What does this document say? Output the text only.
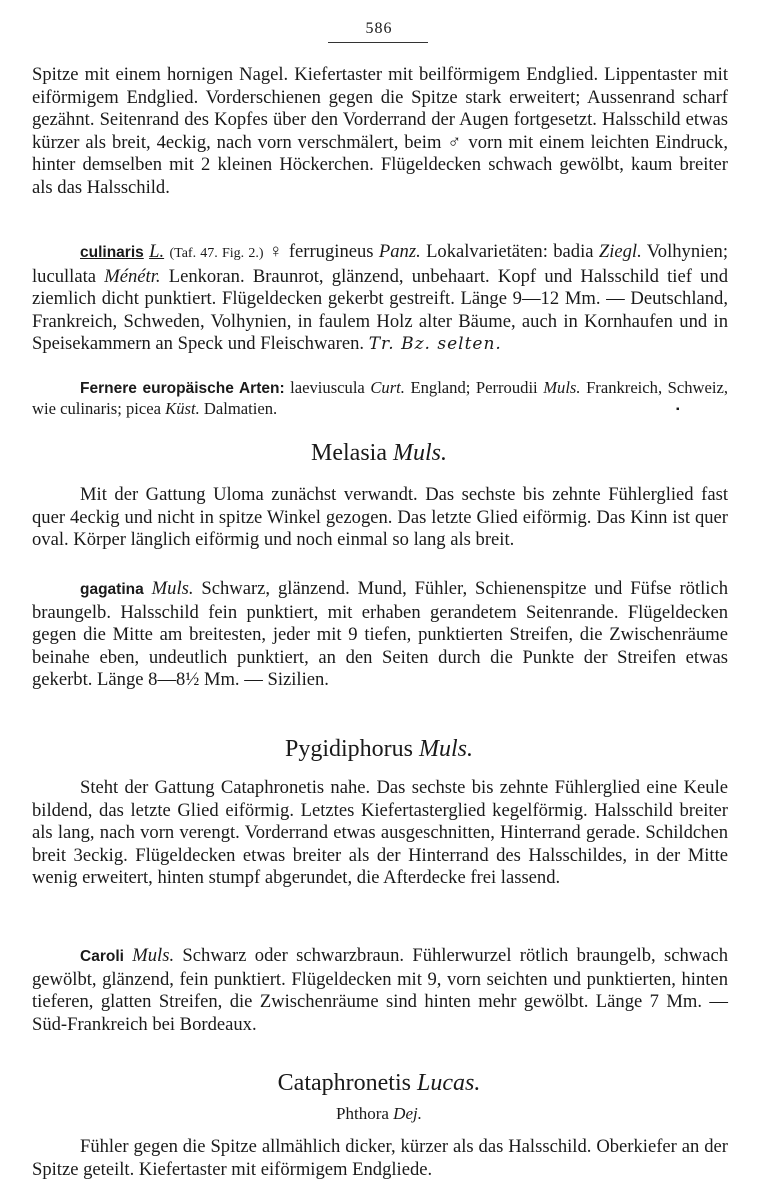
586

Spitze mit einem hornigen Nagel. Kiefertaster mit beilförmigem Endglied. Lippentaster mit eiförmigem Endglied. Vorderschienen gegen die Spitze stark erweitert; Aussenrand scharf gezähnt. Seitenrand des Kopfes über den Vorderrand der Augen fortgesetzt. Halsschild etwas kürzer als breit, 4eckig, nach vorn verschmälert, beim ♂ vorn mit einem leichten Eindruck, hinter demselben mit 2 kleinen Höckerchen. Flügeldecken schwach gewölbt, kaum breiter als das Halsschild.

culinaris L. (Taf. 47. Fig. 2.) ♀ ferrugineus Panz. Lokalvarietäten: badia Ziegl. Volhynien; lucullata Ménétr. Lenkoran. Braunrot, glänzend, unbehaart. Kopf und Halsschild tief und ziemlich dicht punktiert. Flügeldecken gekerbt gestreift. Länge 9—12 Mm. — Deutschland, Frankreich, Schweden, Volhynien, in faulem Holz alter Bäume, auch in Kornhaufen und in Speisekammern an Speck und Fleischwaren. Tr. Bz. selten.
Fernere europäische Arten: laeviuscula Curt. England; Perroudii Muls. Frankreich, Schweiz, wie culinaris; picea Küst. Dalmatien.	▪
Melasia Muls.

Mit der Gattung Uloma zunächst verwandt. Das sechste bis zehnte Fühlerglied fast quer 4eckig und nicht in spitze Winkel gezogen. Das letzte Glied eiförmig. Das Kinn ist quer oval. Körper länglich eiförmig und noch einmal so lang als breit.

gagatina Muls. Schwarz, glänzend. Mund, Fühler, Schienenspitze und Füfse rötlich braungelb. Halsschild fein punktiert, mit erhaben gerandetem Seitenrande. Flügeldecken gegen die Mitte am breitesten, jeder mit 9 tiefen, punktierten Streifen, die Zwischenräume beinahe eben, undeutlich punktiert, an den Seiten durch die Punkte der Streifen etwas gekerbt. Länge 8—8½ Mm. — Sizilien.
Pygidiphorus Muls.

Steht der Gattung Cataphronetis nahe. Das sechste bis zehnte Fühlerglied eine Keule bildend, das letzte Glied eiförmig. Letztes Kiefertasterglied kegelförmig. Halsschild breiter als lang, nach vorn verengt. Vorderrand etwas ausgeschnitten, Hinterrand gerade. Schildchen breit 3eckig. Flügeldecken etwas breiter als der Hinterrand des Halsschildes, in der Mitte wenig erweitert, hinten stumpf abgerundet, die Afterdecke frei lassend.

Caroli Muls. Schwarz oder schwarzbraun. Fühlerwurzel rötlich braungelb, schwach gewölbt, glänzend, fein punktiert. Flügeldecken mit 9, vorn seichten und punktierten, hinten tieferen, glatten Streifen, die Zwischenräume sind hinten mehr gewölbt. Länge 7 Mm. — Süd-Frankreich bei Bordeaux.
Cataphronetis Lucas.
Phthora Dej.

Fühler gegen die Spitze allmählich dicker, kürzer als das Halsschild. Oberkiefer an der Spitze geteilt. Kiefertaster mit eiförmigem Endgliede.
